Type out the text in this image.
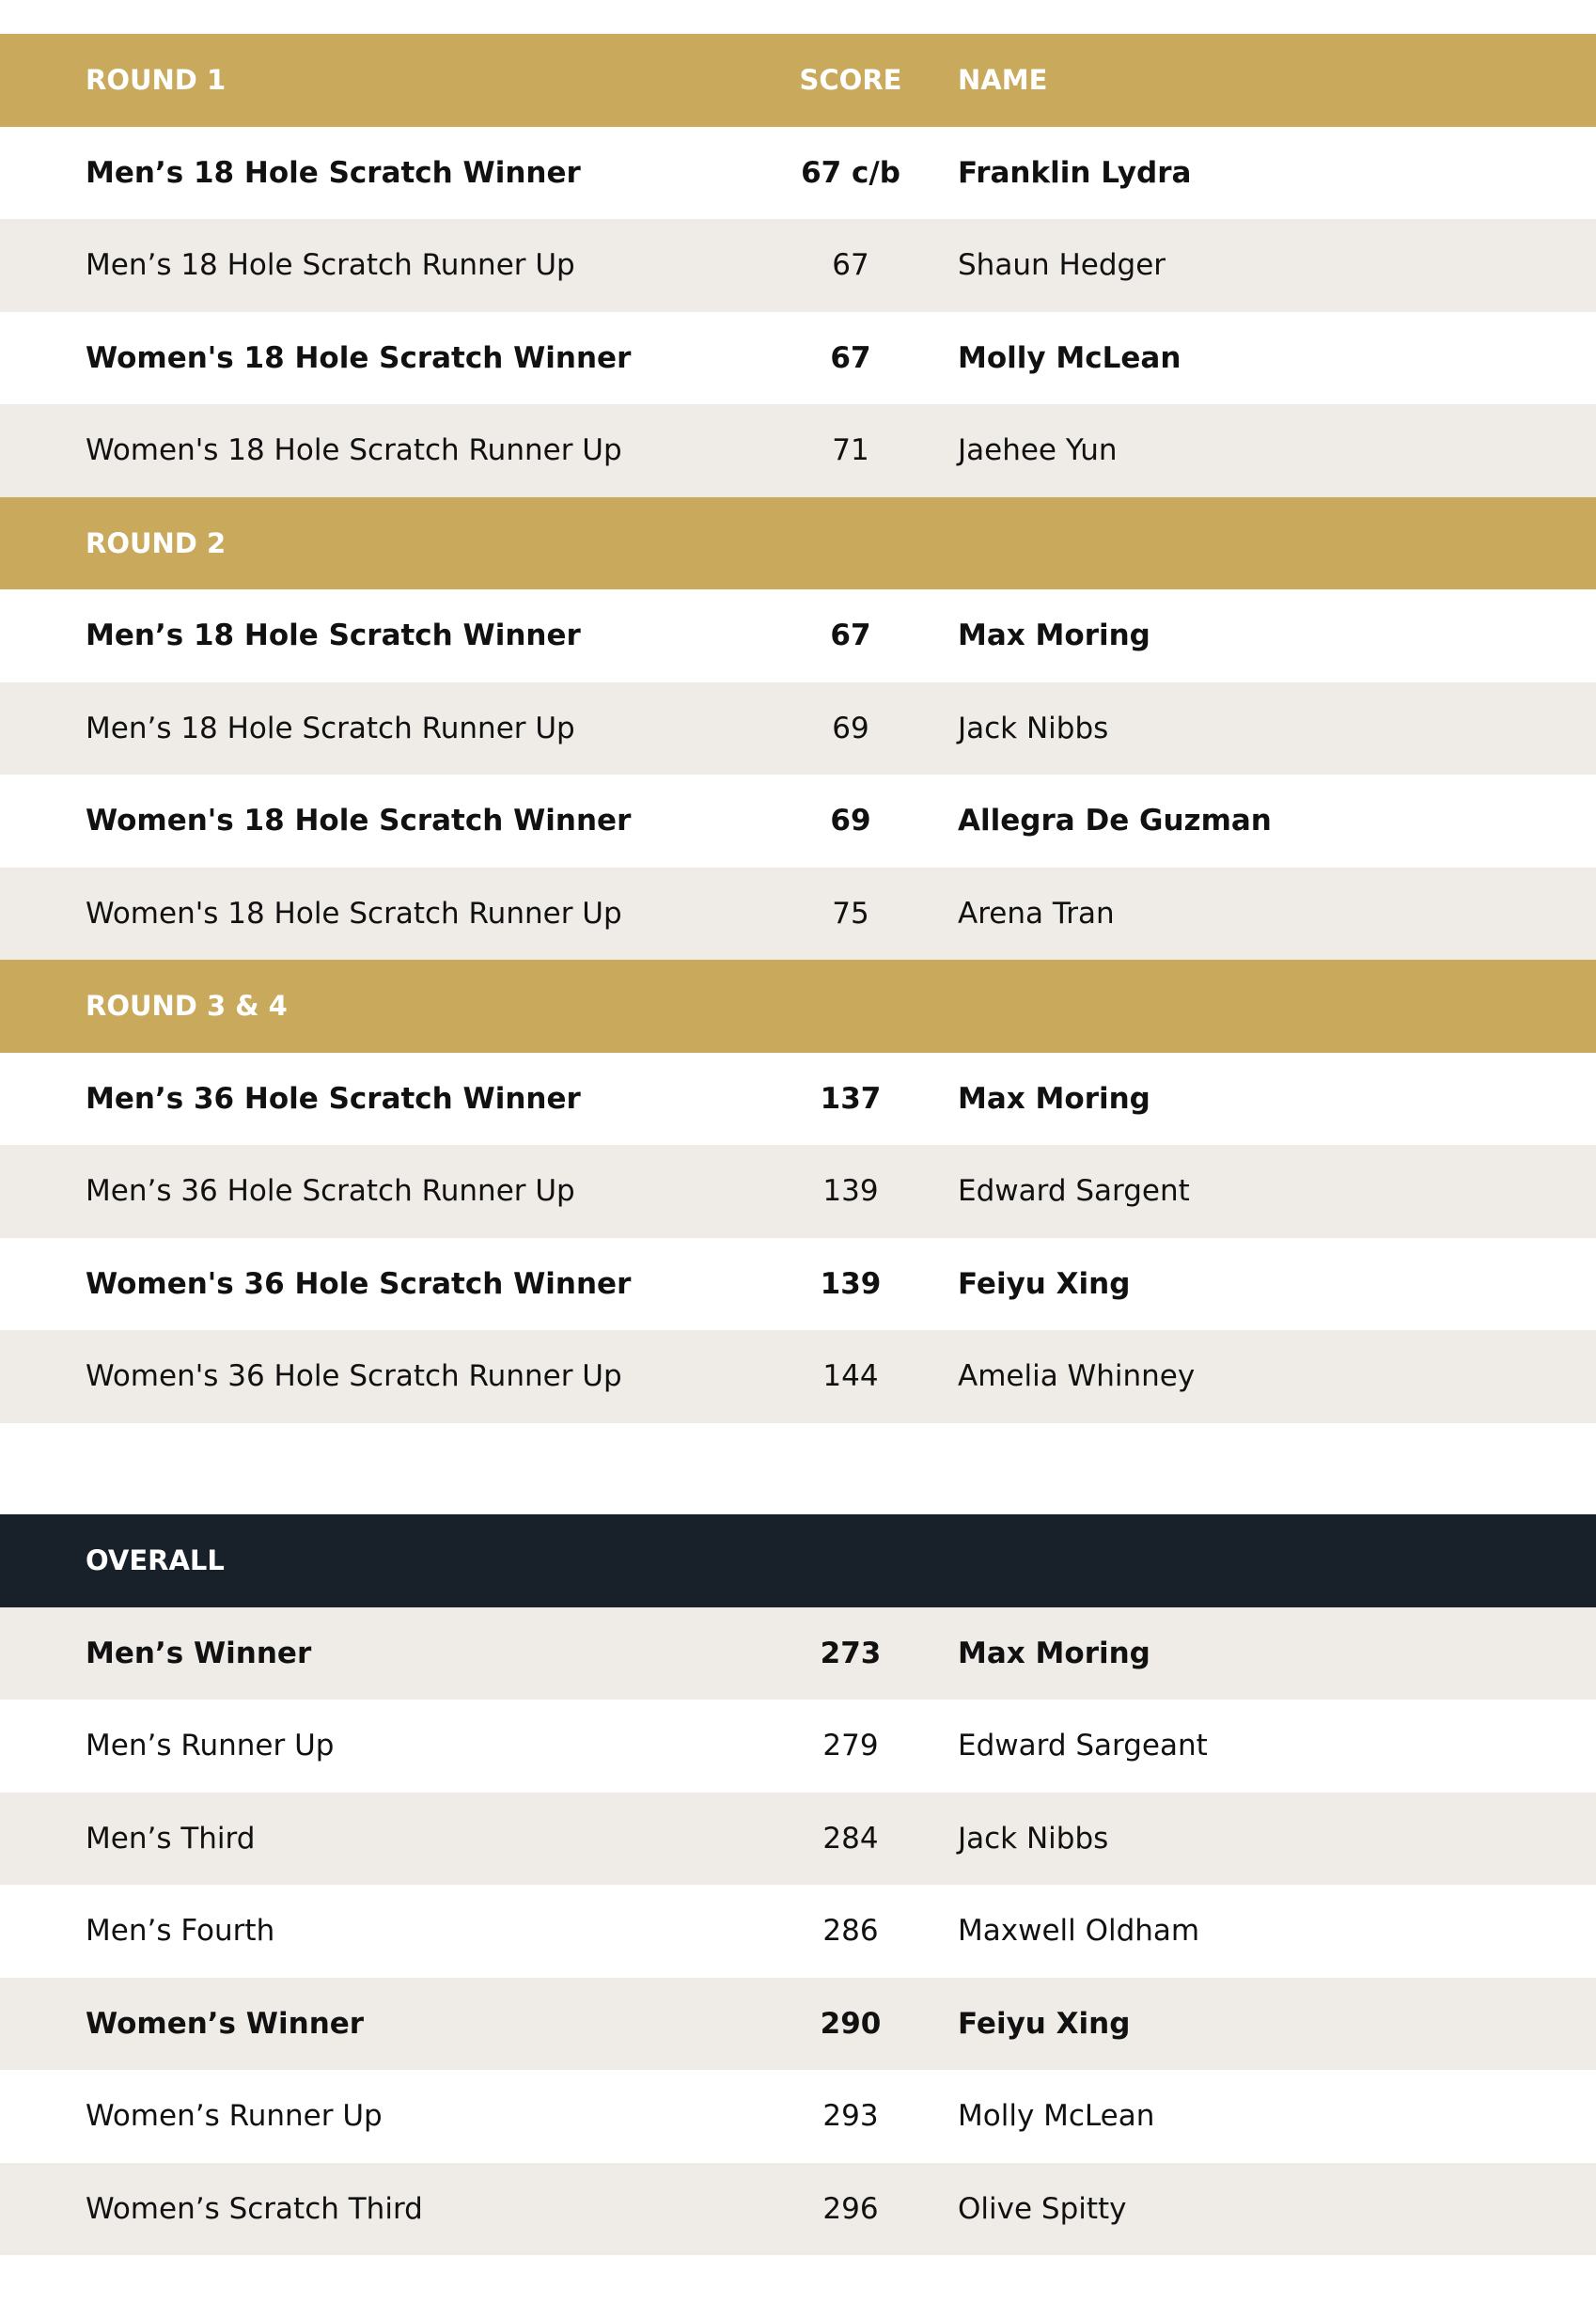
ROUND 1	SCORE	NAME
Men’s 18 Hole Scratch Winner	67 c/b	Franklin Lydra
Men’s 18 Hole Scratch Runner Up	67	Shaun Hedger
Women's 18 Hole Scratch Winner	67	Molly McLean
Women's 18 Hole Scratch Runner Up	71	Jaehee Yun
ROUND 2
Men’s 18 Hole Scratch Winner	67	Max Moring
Men’s 18 Hole Scratch Runner Up	69	Jack Nibbs
Women's 18 Hole Scratch Winner	69	Allegra De Guzman
Women's 18 Hole Scratch Runner Up	75	Arena Tran
ROUND 3 & 4
Men’s 36 Hole Scratch Winner	137	Max Moring
Men’s 36 Hole Scratch Runner Up	139	Edward Sargent
Women's 36 Hole Scratch Winner	139	Feiyu Xing
Women's 36 Hole Scratch Runner Up	144	Amelia Whinney
OVERALL
Men’s Winner	273	Max Moring
Men’s Runner Up	279	Edward Sargeant
Men’s Third	284	Jack Nibbs
Men’s Fourth	286	Maxwell Oldham
Women’s Winner	290	Feiyu Xing
Women’s Runner Up	293	Molly McLean
Women’s Scratch Third	296	Olive Spitty
